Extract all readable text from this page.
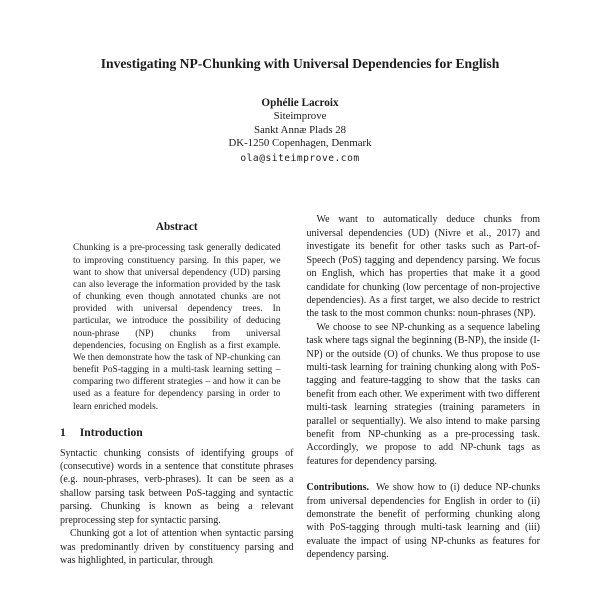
Investigating NP-Chunking with Universal Dependencies for English
Ophélie Lacroix
Siteimprove
Sankt Annæ Plads 28
DK-1250 Copenhagen, Denmark
ola@siteimprove.com
Abstract

Chunking is a pre-processing task generally dedicated to improving constituency parsing. In this paper, we want to show that universal dependency (UD) parsing can also leverage the information provided by the task of chunking even though annotated chunks are not provided with universal dependency trees. In particular, we introduce the possibility of deducing noun-phrase (NP) chunks from universal dependencies, focusing on English as a first example. We then demonstrate how the task of NP-chunking can benefit PoS-tagging in a multi-task learning setting – comparing two different strategies – and how it can be used as a feature for dependency parsing in order to learn enriched models.

1 Introduction

Syntactic chunking consists of identifying groups of (consecutive) words in a sentence that constitute phrases (e.g. noun-phrases, verb-phrases). It can be seen as a shallow parsing task between PoS-tagging and syntactic parsing. Chunking is known as being a relevant preprocessing step for syntactic parsing.

Chunking got a lot of attention when syntactic parsing was predominantly driven by constituency parsing and was highlighted, in particular, through

We want to automatically deduce chunks from universal dependencies (UD) (Nivre et al., 2017) and investigate its benefit for other tasks such as Part-of-Speech (PoS) tagging and dependency parsing. We focus on English, which has properties that make it a good candidate for chunking (low percentage of non-projective dependencies). As a first target, we also decide to restrict the task to the most common chunks: noun-phrases (NP).

We choose to see NP-chunking as a sequence labeling task where tags signal the beginning (B-NP), the inside (I-NP) or the outside (O) of chunks. We thus propose to use multi-task learning for training chunking along with PoS-tagging and feature-tagging to show that the tasks can benefit from each other. We experiment with two different multi-task learning strategies (training parameters in parallel or sequentially). We also intend to make parsing benefit from NP-chunking as a pre-processing task. Accordingly, we propose to add NP-chunk tags as features for dependency parsing.

Contributions. We show how to (i) deduce NP-chunks from universal dependencies for English in order to (ii) demonstrate the benefit of performing chunking along with PoS-tagging through multi-task learning and (iii) evaluate the impact of using NP-chunks as features for dependency parsing.
